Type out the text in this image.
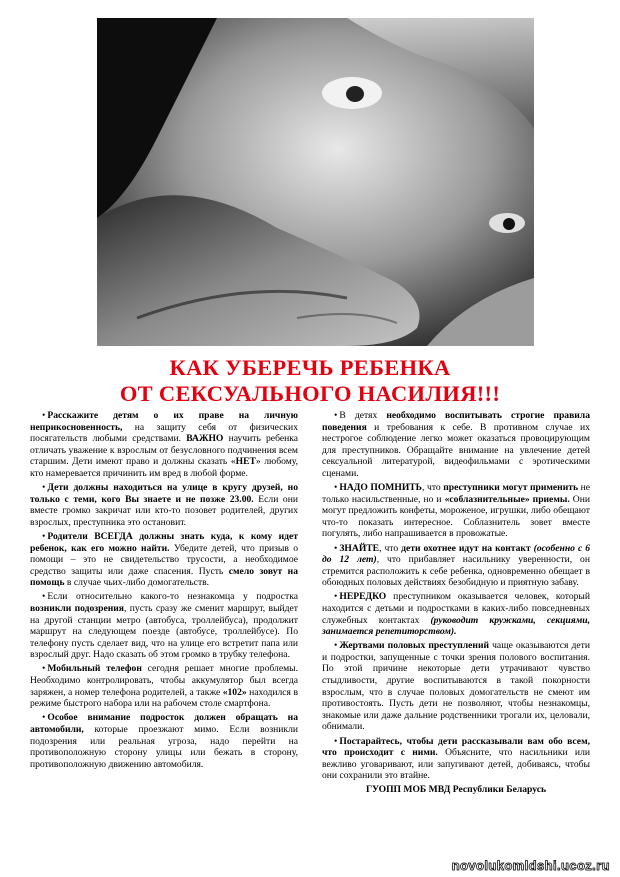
КАК УБЕРЕЧЬ РЕБЕНКА
ОТ СЕКСУАЛЬНОГО НАСИЛИЯ!!!

• Расскажите детям о их праве на личную неприкосновенность, на защиту себя от физических посягательств любыми средствами. ВАЖНО научить ребенка отличать уважение к взрослым от безусловного подчинения всем старшим. Дети имеют право и должны сказать «НЕТ» любому, кто намеревается причинить им вред в любой форме.

• Дети должны находиться на улице в кругу друзей, но только с теми, кого Вы знаете и не позже 23.00. Если они вместе громко закричат или кто-то позовет родителей, других взрослых, преступника это остановит.

• Родители ВСЕГДА должны знать куда, к кому идет ребенок, как его можно найти. Убедите детей, что призыв о помощи – это не свидетельство трусости, а необходимое средство защиты или даже спасения. Пусть смело зовут на помощь в случае чьих-либо домогательств.

• Если относительно какого-то незнакомца у подростка возникли подозрения, пусть сразу же сменит маршрут, выйдет на другой станции метро (автобуса, троллейбуса), продолжит маршрут на следующем поезде (автобусе, троллейбусе). По телефону пусть сделает вид, что на улице его встретит папа или взрослый друг. Надо сказать об этом громко в трубку телефона.

• Мобильный телефон сегодня решает многие проблемы. Необходимо контролировать, чтобы аккумулятор был всегда заряжен, а номер телефона родителей, а также «102» находился в режиме быстрого набора или на рабочем столе смартфона.

• Особое внимание подросток должен обращать на автомобили, которые проезжают мимо. Если возникли подозрения или реальная угроза, надо перейти на противоположную сторону улицы или бежать в сторону, противоположную движению автомобиля.

• В детях необходимо воспитывать строгие правила поведения и требования к себе. В противном случае их нестрогое соблюдение легко может оказаться провоцирующим для преступников. Обращайте внимание на увлечение детей сексуальной литературой, видеофильмами с эротическими сценами.

• НАДО ПОМНИТЬ, что преступники могут применить не только насильственные, но и «соблазнительные» приемы. Они могут предложить конфеты, мороженое, игрушки, либо обещают что-то показать интересное. Соблазнитель зовет вместе погулять, либо напрашивается в провожатые.

• ЗНАЙТЕ, что дети охотнее идут на контакт (особенно с 6 до 12 лет), что прибавляет насильнику уверенности, он стремится расположить к себе ребенка, одновременно обещает в обоюдных половых действиях безобидную и приятную забаву.

• НЕРЕДКО преступником оказывается человек, который находится с детьми и подростками в каких-либо повседневных служебных контактах (руководит кружками, секциями, занимается репетиторством).

• Жертвами половых преступлений чаще оказываются дети и подростки, запущенные с точки зрения полового воспитания. По этой причине некоторые дети утрачивают чувство стыдливости, другие воспитываются в такой покорности взрослым, что в случае половых домогательств не смеют им противостоять. Пусть дети не позволяют, чтобы незнакомцы, знакомые или даже дальние родственники трогали их, целовали, обнимали.

• Постарайтесь, чтобы дети рассказывали вам обо всем, что происходит с ними. Объясните, что насильники или вежливо уговаривают, или запугивают детей, добиваясь, чтобы они сохранили это втайне.

ГУОПП МОБ МВД Республики Беларусь

novolukomldshi.ucoz.ru
